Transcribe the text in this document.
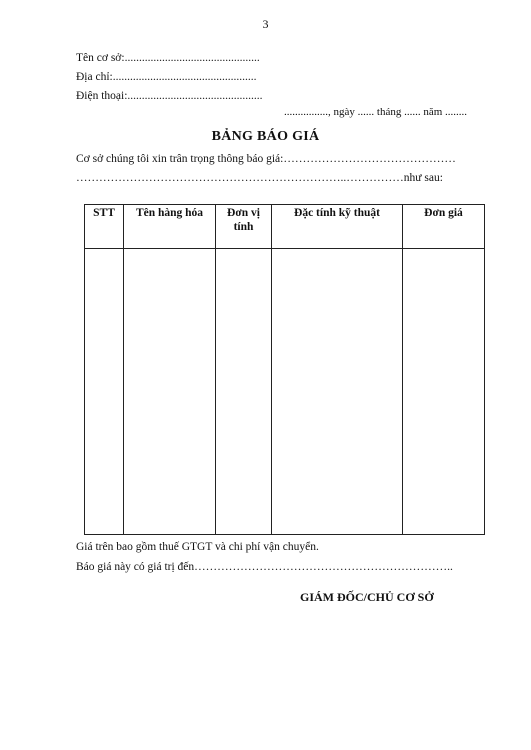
3
Tên cơ sở:...............................................
Địa chỉ:..................................................
Điện thoại:...............................................
................, ngày ...... tháng ...... năm ........
BẢNG BÁO GIÁ
Cơ sở chúng tôi xin trân trọng thông báo giá:………………………………………
……………………………………………………………..……………như sau:
STT	Tên hàng hóa	Đơn vị tính	Đặc tính kỹ thuật	Đơn giá

Giá trên bao gồm thuế GTGT và chi phí vận chuyển.
Báo giá này có giá trị đến…………………………………………………………..
GIÁM ĐỐC/CHỦ CƠ SỞ
